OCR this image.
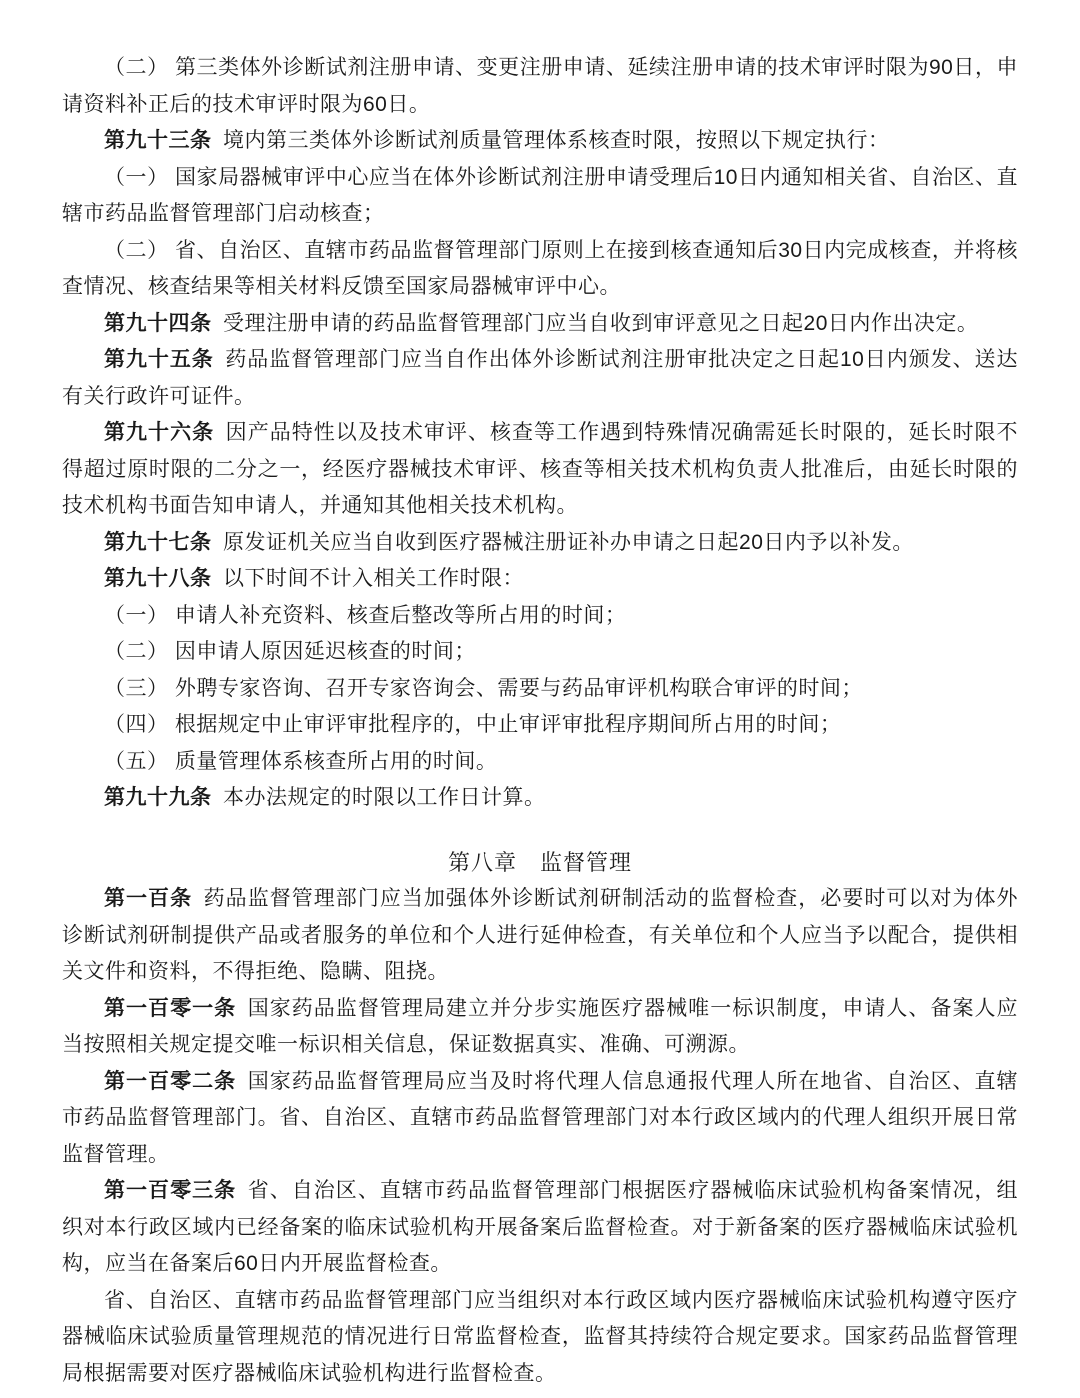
（二） 第三类体外诊断试剂注册申请、变更注册申请、延续注册申请的技术审评时限为90日，申请资料补正后的技术审评时限为60日。

第九十三条 境内第三类体外诊断试剂质量管理体系核查时限，按照以下规定执行：

（一） 国家局器械审评中心应当在体外诊断试剂注册申请受理后10日内通知相关省、自治区、直辖市药品监督管理部门启动核查；

（二） 省、自治区、直辖市药品监督管理部门原则上在接到核查通知后30日内完成核查，并将核查情况、核查结果等相关材料反馈至国家局器械审评中心。

第九十四条 受理注册申请的药品监督管理部门应当自收到审评意见之日起20日内作出决定。

第九十五条 药品监督管理部门应当自作出体外诊断试剂注册审批决定之日起10日内颁发、送达有关行政许可证件。

第九十六条 因产品特性以及技术审评、核查等工作遇到特殊情况确需延长时限的，延长时限不得超过原时限的二分之一，经医疗器械技术审评、核查等相关技术机构负责人批准后，由延长时限的技术机构书面告知申请人，并通知其他相关技术机构。

第九十七条 原发证机关应当自收到医疗器械注册证补办申请之日起20日内予以补发。

第九十八条 以下时间不计入相关工作时限：

（一） 申请人补充资料、核查后整改等所占用的时间；

（二） 因申请人原因延迟核查的时间；

（三） 外聘专家咨询、召开专家咨询会、需要与药品审评机构联合审评的时间；

（四） 根据规定中止审评审批程序的，中止审评审批程序期间所占用的时间；

（五） 质量管理体系核查所占用的时间。

第九十九条 本办法规定的时限以工作日计算。

第八章　监督管理

第一百条 药品监督管理部门应当加强体外诊断试剂研制活动的监督检查，必要时可以对为体外诊断试剂研制提供产品或者服务的单位和个人进行延伸检查，有关单位和个人应当予以配合，提供相关文件和资料，不得拒绝、隐瞒、阻挠。

第一百零一条 国家药品监督管理局建立并分步实施医疗器械唯一标识制度，申请人、备案人应当按照相关规定提交唯一标识相关信息，保证数据真实、准确、可溯源。

第一百零二条 国家药品监督管理局应当及时将代理人信息通报代理人所在地省、自治区、直辖市药品监督管理部门。省、自治区、直辖市药品监督管理部门对本行政区域内的代理人组织开展日常监督管理。

第一百零三条 省、自治区、直辖市药品监督管理部门根据医疗器械临床试验机构备案情况，组织对本行政区域内已经备案的临床试验机构开展备案后监督检查。对于新备案的医疗器械临床试验机构，应当在备案后60日内开展监督检查。

省、自治区、直辖市药品监督管理部门应当组织对本行政区域内医疗器械临床试验机构遵守医疗器械临床试验质量管理规范的情况进行日常监督检查，监督其持续符合规定要求。国家药品监督管理局根据需要对医疗器械临床试验机构进行监督检查。
